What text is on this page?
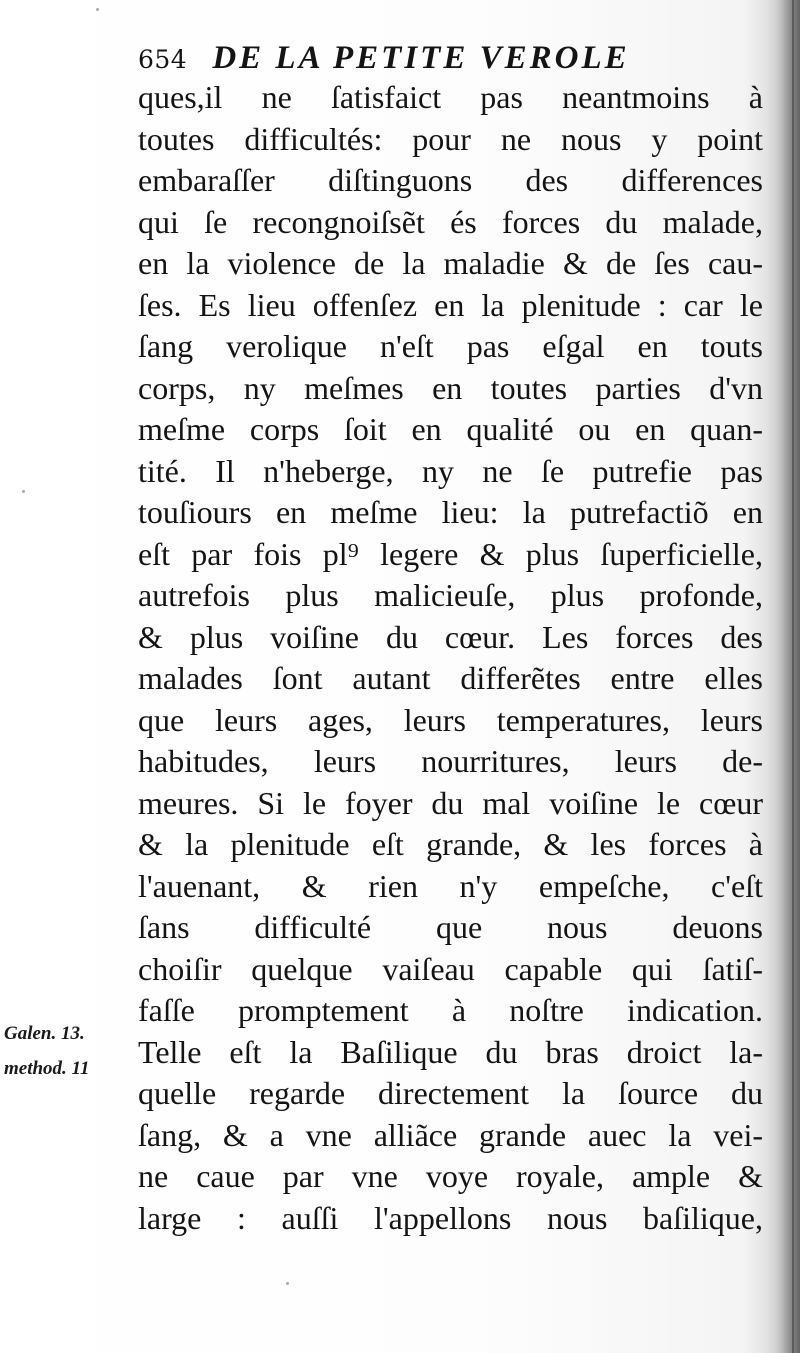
654 DE LA PETITE VEROLE
ques,il ne ſatisfaict pas neantmoins à
toutes difficultés: pour ne nous y point
embaraſſer diſtinguons des differences
qui ſe recongnoiſsẽt és forces du malade,
en la violence de la maladie & de ſes cau-
ſes. Es lieu offenſez en la plenitude : car le
ſang verolique n'eſt pas eſgal en touts
corps, ny meſmes en toutes parties d'vn
meſme corps ſoit en qualité ou en quan-
tité. Il n'heberge, ny ne ſe putrefie pas
touſiours en meſme lieu: la putrefactiõ en
eſt par fois pl⁹ legere & plus ſuperficielle,
autrefois plus malicieuſe, plus profonde,
& plus voiſine du cœur. Les forces des
malades ſont autant differẽtes entre elles
que leurs ages, leurs temperatures, leurs
habitudes, leurs nourritures, leurs de-
meures. Si le foyer du mal voiſine le cœur
& la plenitude eſt grande, & les forces à
l'auenant, & rien n'y empeſche, c'eſt
ſans difficulté que nous deuons
choiſir quelque vaiſeau capable qui ſatiſ-
faſſe promptement à noſtre indication.
Telle eſt la Baſilique du bras droict la-
quelle regarde directement la ſource du
ſang, & a vne alliãce grande auec la vei-
ne caue par vne voye royale, ample &
large : auſſi l'appellons nous baſilique,
Galen. 13.
method. 11
